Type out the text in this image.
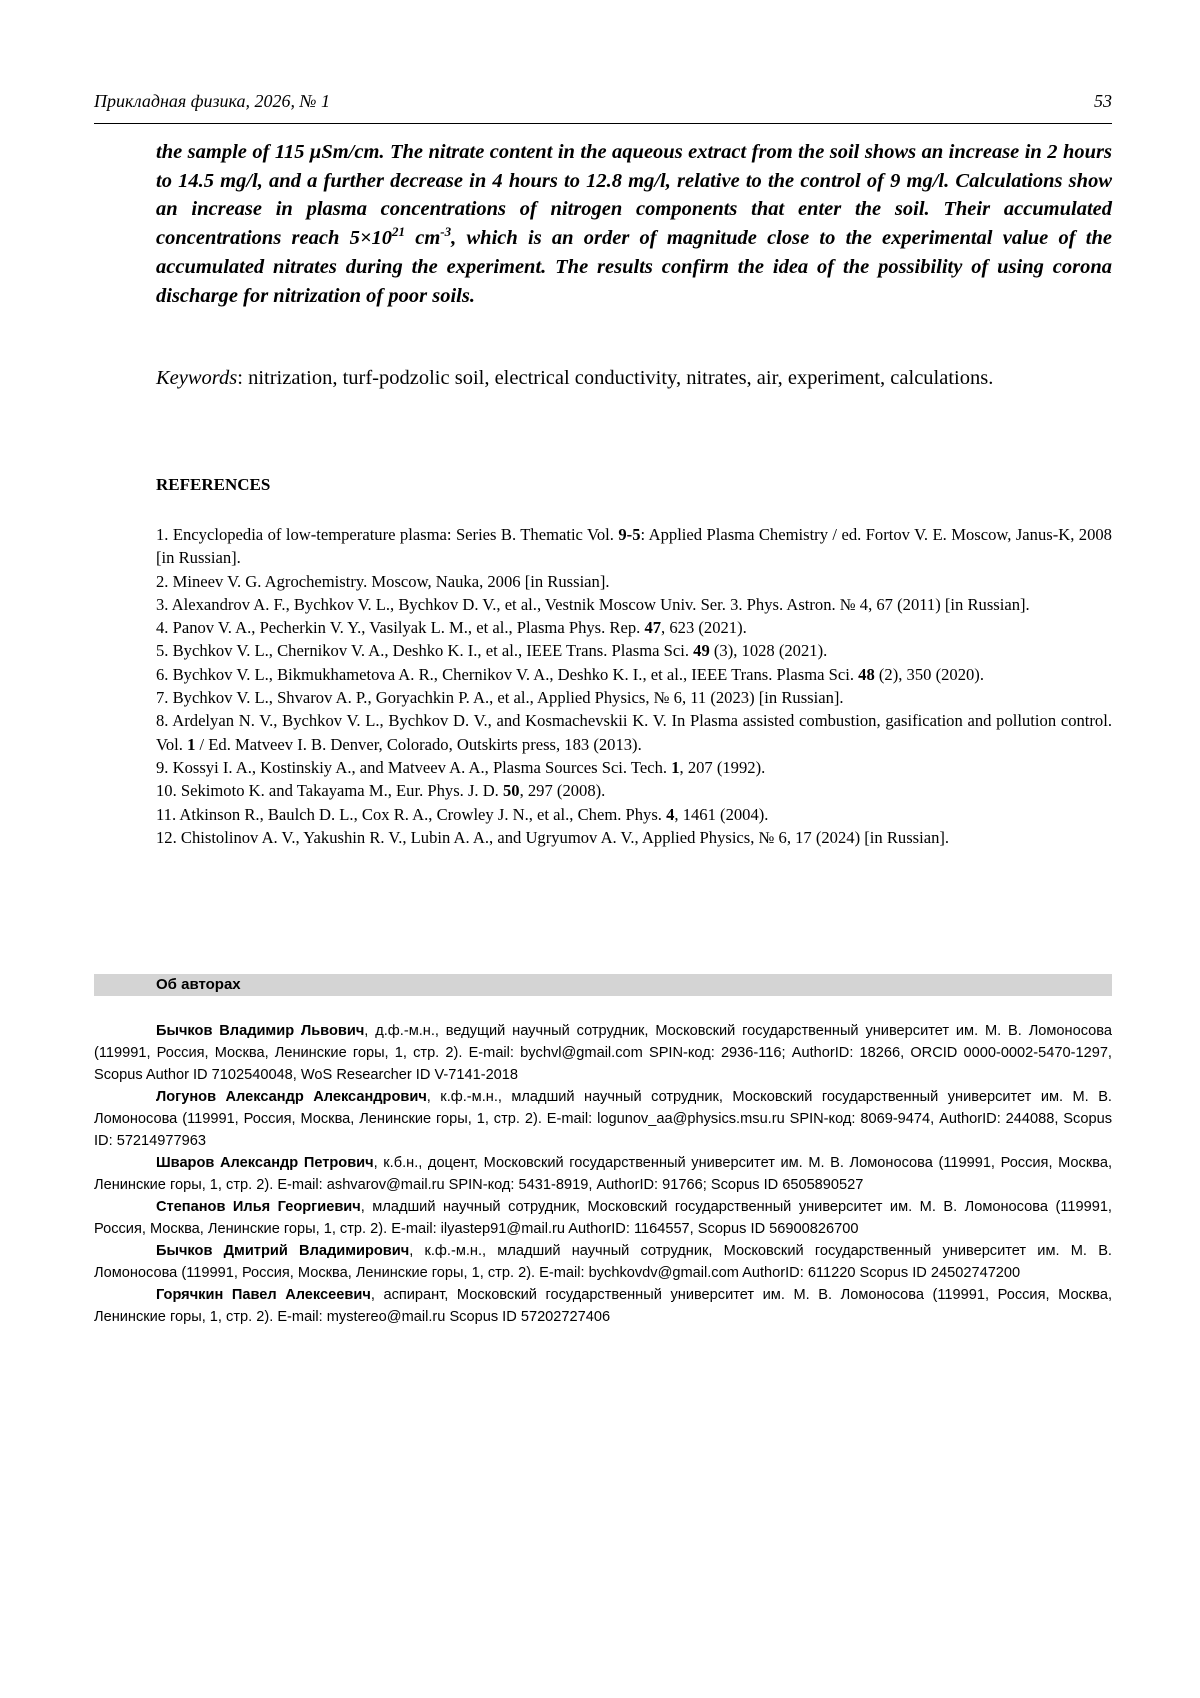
Прикладная физика, 2026, № 1	53

the sample of 115 μSm/cm. The nitrate content in the aqueous extract from the soil shows an increase in 2 hours to 14.5 mg/l, and a further decrease in 4 hours to 12.8 mg/l, relative to the control of 9 mg/l. Calculations show an increase in plasma concentrations of nitrogen components that enter the soil. Their accumulated concentrations reach $5\times 10^{21}$ $cm^{-3}$, which is an order of magnitude close to the experimental value of the accumulated nitrates during the experiment. The results confirm the idea of the possibility of using corona discharge for nitrization of poor soils.

Keywords: nitrization, turf-podzolic soil, electrical conductivity, nitrates, air, experiment, calculations.

REFERENCES
1. Encyclopedia of low-temperature plasma: Series B. Thematic Vol. 9-5: Applied Plasma Chemistry / ed. Fortov V. E. Moscow, Janus-K, 2008 [in Russian].
2. Mineev V. G. Agrochemistry. Moscow, Nauka, 2006 [in Russian].
3. Alexandrov A. F., Bychkov V. L., Bychkov D. V., et al., Vestnik Moscow Univ. Ser. 3. Phys. Astron. № 4, 67 (2011) [in Russian].
4. Panov V. A., Pecherkin V. Y., Vasilyak L. M., et al., Plasma Phys. Rep. 47, 623 (2021).
5. Bychkov V. L., Chernikov V. A., Deshko K. I., et al., IEEE Trans. Plasma Sci. 49 (3), 1028 (2021).
6. Bychkov V. L., Bikmukhametova A. R., Chernikov V. A., Deshko K. I., et al., IEEE Trans. Plasma Sci. 48 (2), 350 (2020).
7. Bychkov V. L., Shvarov A. P., Goryachkin P. A., et al., Applied Physics, № 6, 11 (2023) [in Russian].
8. Ardelyan N. V., Bychkov V. L., Bychkov D. V., and Kosmachevskii K. V. In Plasma assisted combustion, gasification and pollution control. Vol. 1 / Ed. Matveev I. B. Denver, Colorado, Outskirts press, 183 (2013).
9. Kossyi I. A., Kostinskiy A., and Matveev A. A., Plasma Sources Sci. Tech. 1, 207 (1992).
10. Sekimoto K. and Takayama M., Eur. Phys. J. D. 50, 297 (2008).
11. Atkinson R., Baulch D. L., Cox R. A., Crowley J. N., et al., Chem. Phys. 4, 1461 (2004).
12. Chistolinov A. V., Yakushin R. V., Lubin A. A., and Ugryumov A. V., Applied Physics, № 6, 17 (2024) [in Russian].
Об авторах

Бычков Владимир Львович, д.ф.-м.н., ведущий научный сотрудник, Московский государственный университет им. М. В. Ломоносова (119991, Россия, Москва, Ленинские горы, 1, стр. 2). E-mail: bychvl@gmail.com SPIN-код: 2936-116; AuthorID: 18266, ORCID 0000-0002-5470-1297, Scopus Author ID 7102540048, WoS Researcher ID V-7141-2018

Логунов Александр Александрович, к.ф.-м.н., младший научный сотрудник, Московский государственный университет им. М. В. Ломоносова (119991, Россия, Москва, Ленинские горы, 1, стр. 2). E-mail: logunov_aa@physics.msu.ru SPIN-код: 8069-9474, AuthorID: 244088, Scopus ID: 57214977963

Шваров Александр Петрович, к.б.н., доцент, Московский государственный университет им. М. В. Ломоносова (119991, Россия, Москва, Ленинские горы, 1, стр. 2). E-mail: ashvarov@mail.ru SPIN-код: 5431-8919, AuthorID: 91766; Scopus ID 6505890527

Степанов Илья Георгиевич, младший научный сотрудник, Московский государственный университет им. М. В. Ломоносова (119991, Россия, Москва, Ленинские горы, 1, стр. 2). E-mail: ilyastep91@mail.ru AuthorID: 1164557, Scopus ID 56900826700

Бычков Дмитрий Владимирович, к.ф.-м.н., младший научный сотрудник, Московский государственный университет им. М. В. Ломоносова (119991, Россия, Москва, Ленинские горы, 1, стр. 2). E-mail: bychkovdv@gmail.com AuthorID: 611220 Scopus ID 24502747200

Горячкин Павел Алексеевич, аспирант, Московский государственный университет им. М. В. Ломоносова (119991, Россия, Москва, Ленинские горы, 1, стр. 2). E-mail: mystereo@mail.ru Scopus ID 57202727406
